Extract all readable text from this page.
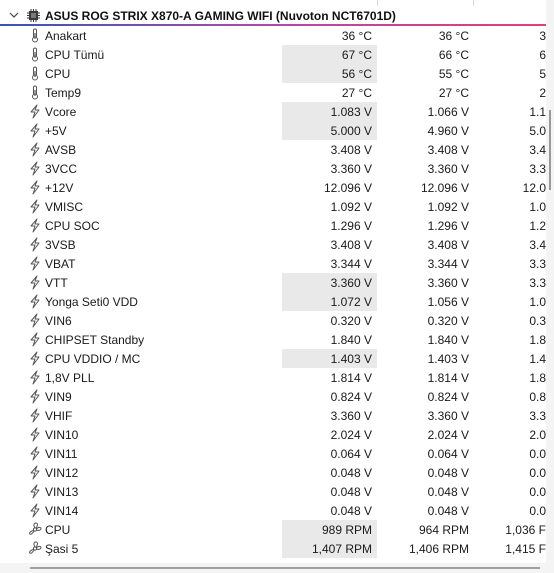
ASUS ROG STRIX X870-A GAMING WIFI (Nuvoton NCT6701D)
Anakart	36 °C	36 °C	3
CPU Tümü	67 °C	66 °C	6
CPU	56 °C	55 °C	5
Temp9	27 °C	27 °C	2
Vcore	1.083 V	1.066 V	1.1
+5V	5.000 V	4.960 V	5.0
AVSB	3.408 V	3.408 V	3.4
3VCC	3.360 V	3.360 V	3.3
+12V	12.096 V	12.096 V	12.0
VMISC	1.092 V	1.092 V	1.0
CPU SOC	1.296 V	1.296 V	1.2
3VSB	3.408 V	3.408 V	3.4
VBAT	3.344 V	3.344 V	3.3
VTT	3.360 V	3.360 V	3.3
Yonga Seti0 VDD	1.072 V	1.056 V	1.0
VIN6	0.320 V	0.320 V	0.3
CHIPSET Standby	1.840 V	1.840 V	1.8
CPU VDDIO / MC	1.403 V	1.403 V	1.4
1,8V PLL	1.814 V	1.814 V	1.8
VIN9	0.824 V	0.824 V	0.8
VHIF	3.360 V	3.360 V	3.3
VIN10	2.024 V	2.024 V	2.0
VIN11	0.064 V	0.064 V	0.0
VIN12	0.048 V	0.048 V	0.0
VIN13	0.048 V	0.048 V	0.0
VIN14	0.048 V	0.048 V	0.0
CPU	989 RPM	964 RPM	1,036 F
Şasi 5	1,407 RPM	1,406 RPM	1,415 F
